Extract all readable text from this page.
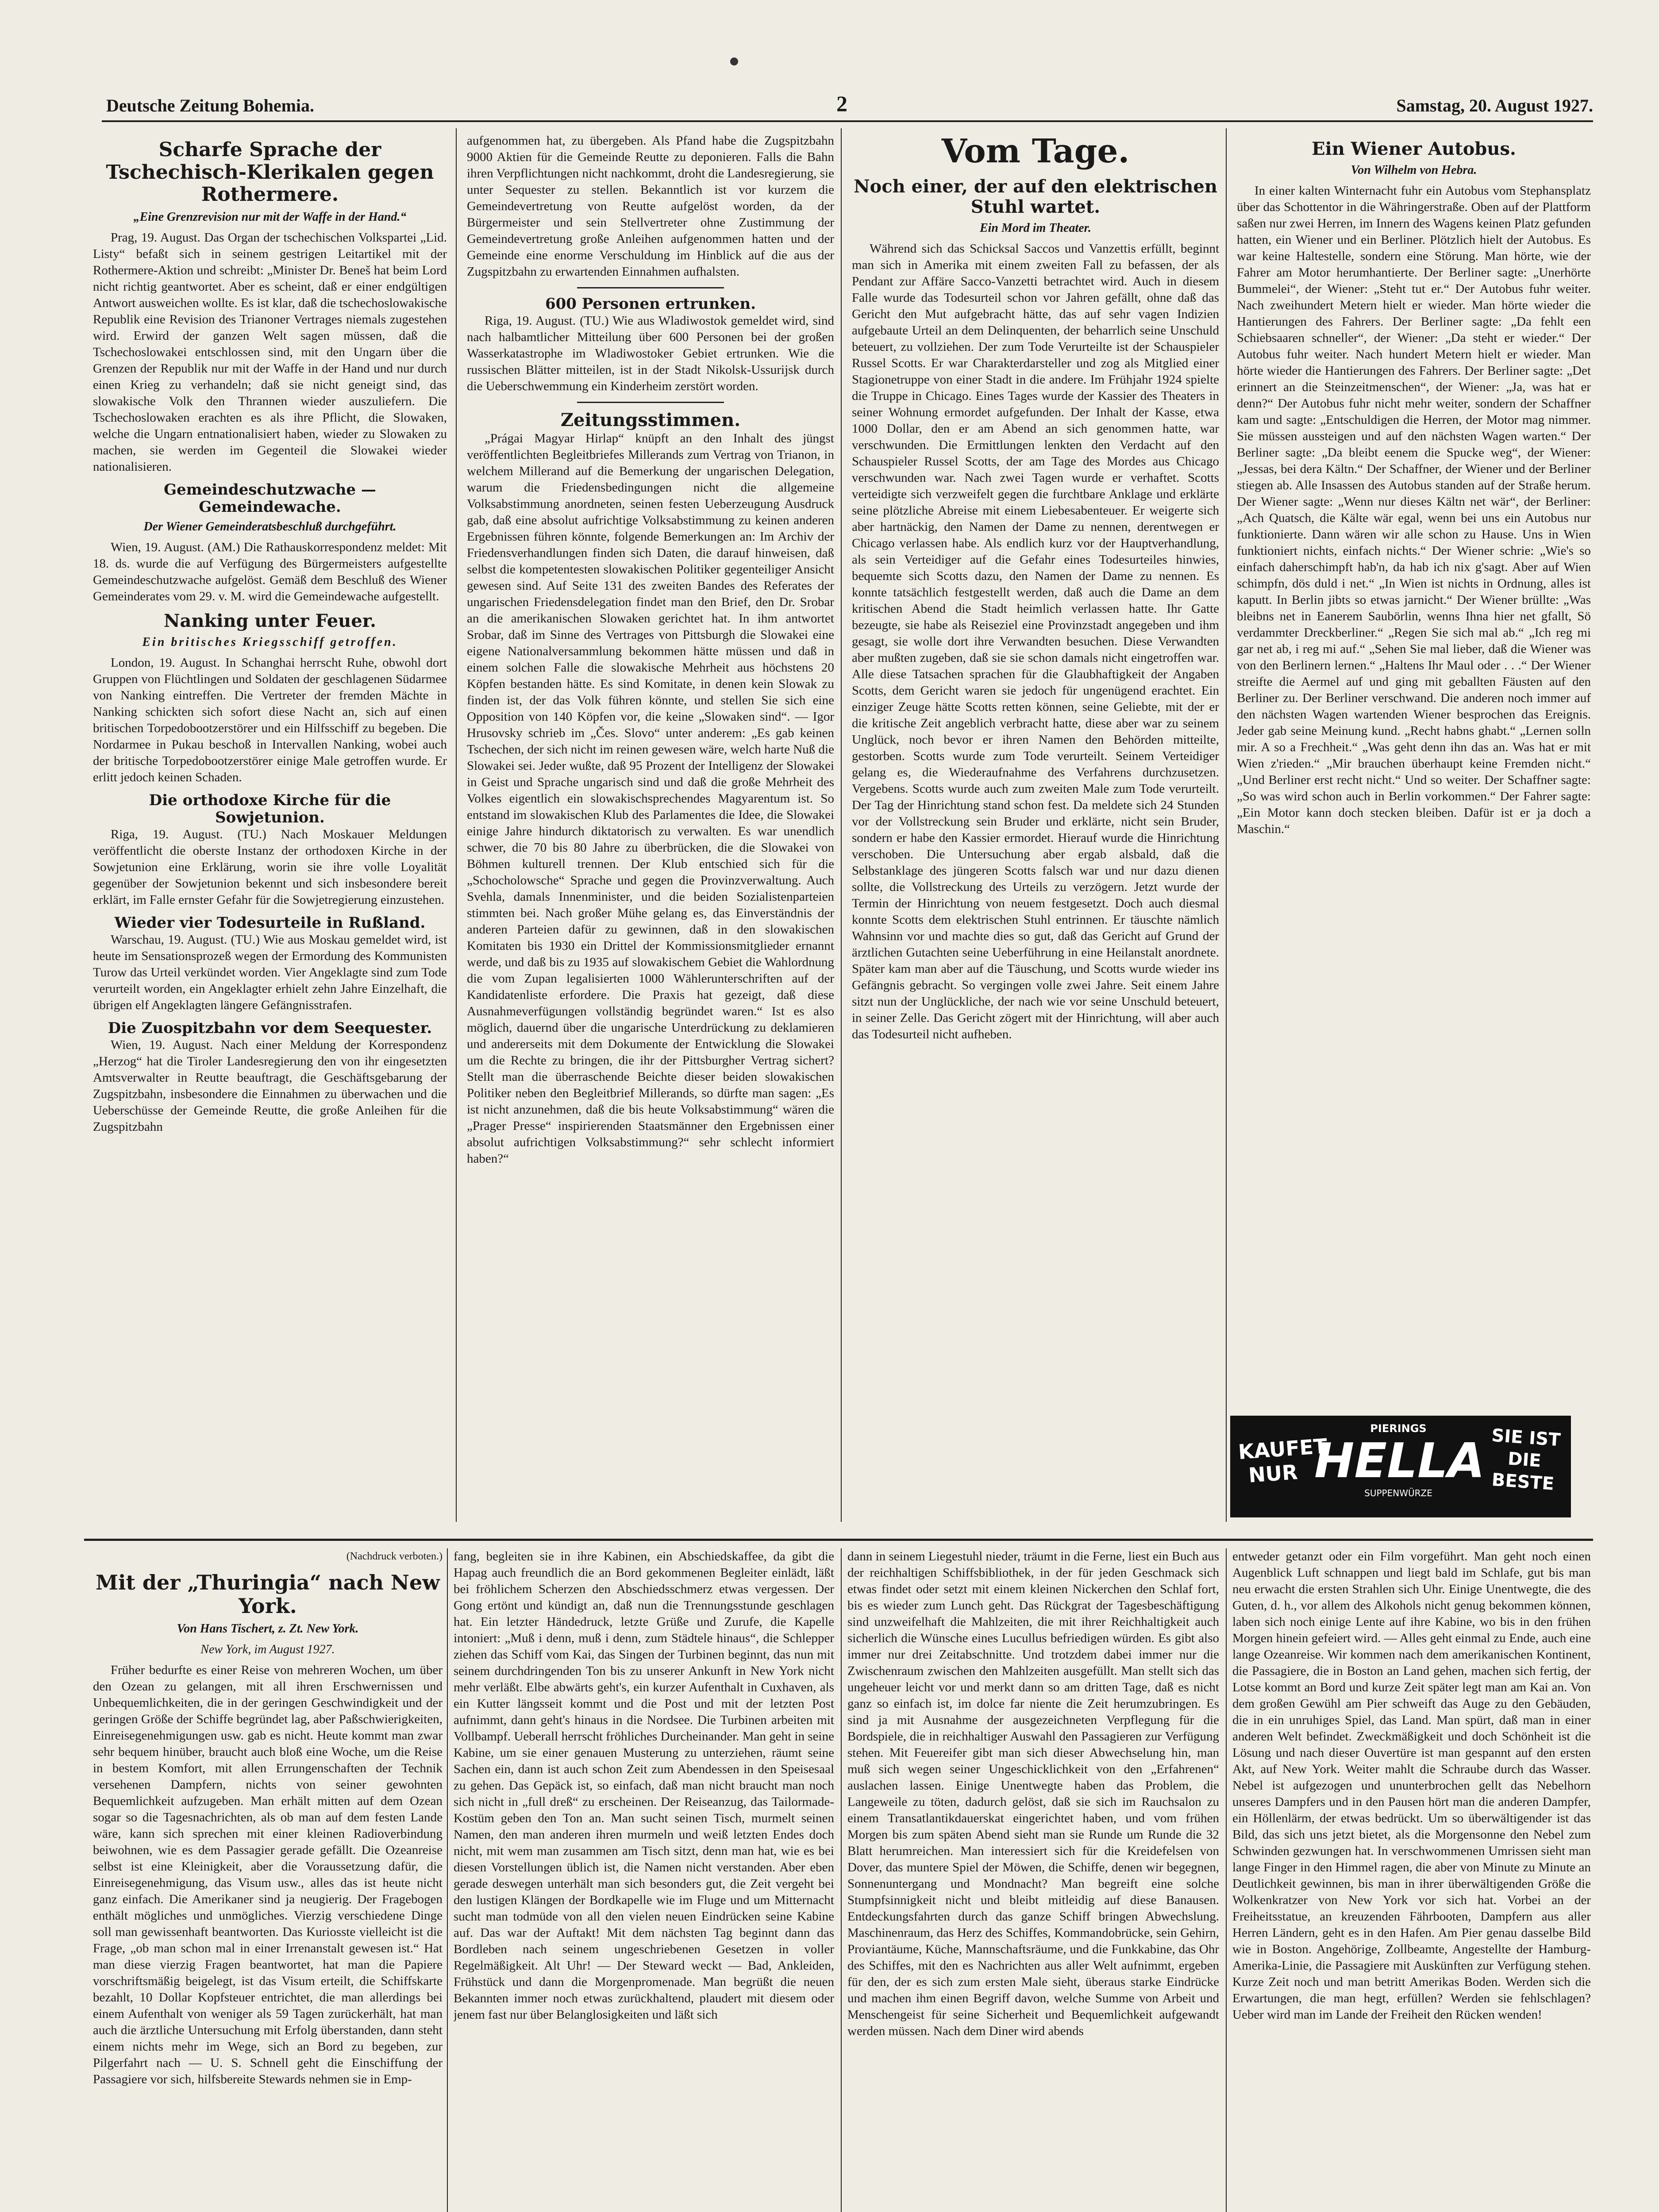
Deutsche Zeitung Bohemia.	2	Samstag, 20. August 1927.
Scharfe Sprache der Tschechisch-Klerikalen gegen Rothermere.
„Eine Grenzrevision nur mit der Waffe in der Hand.“

Prag, 19. August. Das Organ der tschechischen Volkspartei „Lid. Listy“ befaßt sich in seinem gestrigen Leitartikel mit der Rothermere-Aktion und schreibt: „Minister Dr. Beneš hat beim Lord nicht richtig geantwortet. Aber es scheint, daß er einer endgültigen Antwort ausweichen wollte. Es ist klar, daß die tschechoslowakische Republik eine Revision des Trianoner Vertrages niemals zugestehen wird. Erwird der ganzen Welt sagen müssen, daß die Tschechoslowakei entschlossen sind, mit den Ungarn über die Grenzen der Republik nur mit der Waffe in der Hand und nur durch einen Krieg zu verhandeln; daß sie nicht geneigt sind, das slowakische Volk den Thrannen wieder auszuliefern. Die Tschechoslowaken erachten es als ihre Pflicht, die Slowaken, welche die Ungarn entnationalisiert haben, wieder zu Slowaken zu machen, sie werden im Gegenteil die Slowakei wieder nationalisieren.

Gemeindeschutzwache — Gemeindewache.
Der Wiener Gemeinderatsbeschluß durchgeführt.

Wien, 19. August. (AM.) Die Rathauskorrespondenz meldet: Mit 18. ds. wurde die auf Verfügung des Bürgermeisters aufgestellte Gemeindeschutzwache aufgelöst. Gemäß dem Beschluß des Wiener Gemeinderates vom 29. v. M. wird die Gemeindewache aufgestellt.

Nanking unter Feuer.
Ein britisches Kriegsschiff getroffen.

London, 19. August. In Schanghai herrscht Ruhe, obwohl dort Gruppen von Flüchtlingen und Soldaten der geschlagenen Südarmee von Nanking eintreffen. Die Vertreter der fremden Mächte in Nanking schickten sich sofort diese Nacht an, sich auf einen britischen Torpedobootzerstörer und ein Hilfsschiff zu begeben. Die Nordarmee in Pukau beschoß in Intervallen Nanking, wobei auch der britische Torpedobootzerstörer einige Male getroffen wurde. Er erlitt jedoch keinen Schaden.

Die orthodoxe Kirche für die Sowjetunion.

Riga, 19. August. (TU.) Nach Moskauer Meldungen veröffentlicht die oberste Instanz der orthodoxen Kirche in der Sowjetunion eine Erklärung, worin sie ihre volle Loyalität gegenüber der Sowjetunion bekennt und sich insbesondere bereit erklärt, im Falle ernster Gefahr für die Sowjetregierung einzustehen.

Wieder vier Todesurteile in Rußland.

Warschau, 19. August. (TU.) Wie aus Moskau gemeldet wird, ist heute im Sensationsprozeß wegen der Ermordung des Kommunisten Turow das Urteil verkündet worden. Vier Angeklagte sind zum Tode verurteilt worden, ein Angeklagter erhielt zehn Jahre Einzelhaft, die übrigen elf Angeklagten längere Gefängnisstrafen.

Die Zuospitzbahn vor dem Seequester.

Wien, 19. August. Nach einer Meldung der Korrespondenz „Herzog“ hat die Tiroler Landesregierung den von ihr eingesetzten Amtsverwalter in Reutte beauftragt, die Geschäftsgebarung der Zugspitzbahn, insbesondere die Einnahmen zu überwachen und die Ueberschüsse der Gemeinde Reutte, die große Anleihen für die Zugspitzbahn

aufgenommen hat, zu übergeben. Als Pfand habe die Zugspitzbahn 9000 Aktien für die Gemeinde Reutte zu deponieren. Falls die Bahn ihren Verpflichtungen nicht nachkommt, droht die Landesregierung, sie unter Sequester zu stellen. Bekanntlich ist vor kurzem die Gemeindevertretung von Reutte aufgelöst worden, da der Bürgermeister und sein Stellvertreter ohne Zustimmung der Gemeindevertretung große Anleihen aufgenommen hatten und der Gemeinde eine enorme Verschuldung im Hinblick auf die aus der Zugspitzbahn zu erwartenden Einnahmen aufhalsten.

600 Personen ertrunken.

Riga, 19. August. (TU.) Wie aus Wladiwostok gemeldet wird, sind nach halbamtlicher Mitteilung über 600 Personen bei der großen Wasserkatastrophe im Wladiwostoker Gebiet ertrunken. Wie die russischen Blätter mitteilen, ist in der Stadt Nikolsk-Ussurijsk durch die Ueberschwemmung ein Kinderheim zerstört worden.

Zeitungsstimmen.

„Prágai Magyar Hirlap“ knüpft an den Inhalt des jüngst veröffentlichten Begleitbriefes Millerands zum Vertrag von Trianon, in welchem Millerand auf die Bemerkung der ungarischen Delegation, warum die Friedensbedingungen nicht die allgemeine Volksabstimmung anordneten, seinen festen Ueberzeugung Ausdruck gab, daß eine absolut aufrichtige Volksabstimmung zu keinen anderen Ergebnissen führen könnte, folgende Bemerkungen an: Im Archiv der Friedensverhandlungen finden sich Daten, die darauf hinweisen, daß selbst die kompetentesten slowakischen Politiker gegenteiliger Ansicht gewesen sind. Auf Seite 131 des zweiten Bandes des Referates der ungarischen Friedensdelegation findet man den Brief, den Dr. Srobar an die amerikanischen Slowaken gerichtet hat. In ihm antwortet Srobar, daß im Sinne des Vertrages von Pittsburgh die Slowakei eine eigene Nationalversammlung bekommen hätte müssen und daß in einem solchen Falle die slowakische Mehrheit aus höchstens 20 Köpfen bestanden hätte. Es sind Komitate, in denen kein Slowak zu finden ist, der das Volk führen könnte, und stellen Sie sich eine Opposition von 140 Köpfen vor, die keine „Slowaken sind“. — Igor Hrusovsky schrieb im „Čes. Slovo“ unter anderem: „Es gab keinen Tschechen, der sich nicht im reinen gewesen wäre, welch harte Nuß die Slowakei sei. Jeder wußte, daß 95 Prozent der Intelligenz der Slowakei in Geist und Sprache ungarisch sind und daß die große Mehrheit des Volkes eigentlich ein slowakischsprechendes Magyarentum ist. So entstand im slowakischen Klub des Parlamentes die Idee, die Slowakei einige Jahre hindurch diktatorisch zu verwalten. Es war unendlich schwer, die 70 bis 80 Jahre zu überbrücken, die die Slowakei von Böhmen kulturell trennen. Der Klub entschied sich für die „Schocholowsche“ Sprache und gegen die Provinzverwaltung. Auch Svehla, damals Innenminister, und die beiden Sozialistenparteien stimmten bei. Nach großer Mühe gelang es, das Einverständnis der anderen Parteien dafür zu gewinnen, daß in den slowakischen Komitaten bis 1930 ein Drittel der Kommissionsmitglieder ernannt werde, und daß bis zu 1935 auf slowakischem Gebiet die Wahlordnung die vom Zupan legalisierten 1000 Wählerunterschriften auf der Kandidatenliste erfordere. Die Praxis hat gezeigt, daß diese Ausnahmeverfügungen vollständig begründet waren.“ Ist es also möglich, dauernd über die ungarische Unterdrückung zu deklamieren und andererseits mit dem Dokumente der Entwicklung die Slowakei um die Rechte zu bringen, die ihr der Pittsburgher Vertrag sichert? Stellt man die überraschende Beichte dieser beiden slowakischen Politiker neben den Begleitbrief Millerands, so dürfte man sagen: „Es ist nicht anzunehmen, daß die bis heute Volksabstimmung“ wären die „Prager Presse“ inspirierenden Staatsmänner den Ergebnissen einer absolut aufrichtigen Volksabstimmung?“ sehr schlecht informiert haben?“

Vom Tage.
Noch einer, der auf den elektrischen Stuhl wartet.
Ein Mord im Theater.

Während sich das Schicksal Saccos und Vanzettis erfüllt, beginnt man sich in Amerika mit einem zweiten Fall zu befassen, der als Pendant zur Affäre Sacco-Vanzetti betrachtet wird. Auch in diesem Falle wurde das Todesurteil schon vor Jahren gefällt, ohne daß das Gericht den Mut aufgebracht hätte, das auf sehr vagen Indizien aufgebaute Urteil an dem Delinquenten, der beharrlich seine Unschuld beteuert, zu vollziehen. Der zum Tode Verurteilte ist der Schauspieler Russel Scotts. Er war Charakterdarsteller und zog als Mitglied einer Stagionetruppe von einer Stadt in die andere. Im Frühjahr 1924 spielte die Truppe in Chicago. Eines Tages wurde der Kassier des Theaters in seiner Wohnung ermordet aufgefunden. Der Inhalt der Kasse, etwa 1000 Dollar, den er am Abend an sich genommen hatte, war verschwunden. Die Ermittlungen lenkten den Verdacht auf den Schauspieler Russel Scotts, der am Tage des Mordes aus Chicago verschwunden war. Nach zwei Tagen wurde er verhaftet. Scotts verteidigte sich verzweifelt gegen die furchtbare Anklage und erklärte seine plötzliche Abreise mit einem Liebesabenteuer. Er weigerte sich aber hartnäckig, den Namen der Dame zu nennen, derentwegen er Chicago verlassen habe. Als endlich kurz vor der Hauptverhandlung, als sein Verteidiger auf die Gefahr eines Todesurteiles hinwies, bequemte sich Scotts dazu, den Namen der Dame zu nennen. Es konnte tatsächlich festgestellt werden, daß auch die Dame an dem kritischen Abend die Stadt heimlich verlassen hatte. Ihr Gatte bezeugte, sie habe als Reiseziel eine Provinzstadt angegeben und ihm gesagt, sie wolle dort ihre Verwandten besuchen. Diese Verwandten aber mußten zugeben, daß sie sie schon damals nicht eingetroffen war. Alle diese Tatsachen sprachen für die Glaubhaftigkeit der Angaben Scotts, dem Gericht waren sie jedoch für ungenügend erachtet. Ein einziger Zeuge hätte Scotts retten können, seine Geliebte, mit der er die kritische Zeit angeblich verbracht hatte, diese aber war zu seinem Unglück, noch bevor er ihren Namen den Behörden mitteilte, gestorben. Scotts wurde zum Tode verurteilt. Seinem Verteidiger gelang es, die Wiederaufnahme des Verfahrens durchzusetzen. Vergebens. Scotts wurde auch zum zweiten Male zum Tode verurteilt. Der Tag der Hinrichtung stand schon fest. Da meldete sich 24 Stunden vor der Vollstreckung sein Bruder und erklärte, nicht sein Bruder, sondern er habe den Kassier ermordet. Hierauf wurde die Hinrichtung verschoben. Die Untersuchung aber ergab alsbald, daß die Selbstanklage des jüngeren Scotts falsch war und nur dazu dienen sollte, die Vollstreckung des Urteils zu verzögern. Jetzt wurde der Termin der Hinrichtung von neuem festgesetzt. Doch auch diesmal konnte Scotts dem elektrischen Stuhl entrinnen. Er täuschte nämlich Wahnsinn vor und machte dies so gut, daß das Gericht auf Grund der ärztlichen Gutachten seine Ueberführung in eine Heilanstalt anordnete. Später kam man aber auf die Täuschung, und Scotts wurde wieder ins Gefängnis gebracht. So vergingen volle zwei Jahre. Seit einem Jahre sitzt nun der Unglückliche, der nach wie vor seine Unschuld beteuert, in seiner Zelle. Das Gericht zögert mit der Hinrichtung, will aber auch das Todesurteil nicht aufheben.

Ein Wiener Autobus.
Von Wilhelm von Hebra.

In einer kalten Winternacht fuhr ein Autobus vom Stephansplatz über das Schottentor in die Währingerstraße. Oben auf der Plattform saßen nur zwei Herren, im Innern des Wagens keinen Platz gefunden hatten, ein Wiener und ein Berliner. Plötzlich hielt der Autobus. Es war keine Haltestelle, sondern eine Störung. Man hörte, wie der Fahrer am Motor herumhantierte. Der Berliner sagte: „Unerhörte Bummelei“, der Wiener: „Steht tut er.“ Der Autobus fuhr weiter. Nach zweihundert Metern hielt er wieder. Man hörte wieder die Hantierungen des Fahrers. Der Berliner sagte: „Da fehlt een Schiebsaaren schneller“, der Wiener: „Da steht er wieder.“ Der Autobus fuhr weiter. Nach hundert Metern hielt er wieder. Man hörte wieder die Hantierungen des Fahrers. Der Berliner sagte: „Det erinnert an die Steinzeitmenschen“, der Wiener: „Ja, was hat er denn?“ Der Autobus fuhr nicht mehr weiter, sondern der Schaffner kam und sagte: „Entschuldigen die Herren, der Motor mag nimmer. Sie müssen aussteigen und auf den nächsten Wagen warten.“ Der Berliner sagte: „Da bleibt eenem die Spucke weg“, der Wiener: „Jessas, bei dera Kältn.“ Der Schaffner, der Wiener und der Berliner stiegen ab. Alle Insassen des Autobus standen auf der Straße herum. Der Wiener sagte: „Wenn nur dieses Kältn net wär“, der Berliner: „Ach Quatsch, die Kälte wär egal, wenn bei uns ein Autobus nur funktionierte. Dann wären wir alle schon zu Hause. Uns in Wien funktioniert nichts, einfach nichts.“ Der Wiener schrie: „Wie's so einfach daherschimpft hab'n, da hab ich nix g'sagt. Aber auf Wien schimpfn, dös duld i net.“ „In Wien ist nichts in Ordnung, alles ist kaputt. In Berlin jibts so etwas jarnicht.“ Der Wiener brüllte: „Was bleibns net in Eanerem Saubörlin, wenns Ihna hier net gfallt, Sö verdammter Dreckberliner.“ „Regen Sie sich mal ab.“ „Ich reg mi gar net ab, i reg mi auf.“ „Sehen Sie mal lieber, daß die Wiener was von den Berlinern lernen.“ „Haltens Ihr Maul oder . . .“ Der Wiener streifte die Aermel auf und ging mit geballten Fäusten auf den Berliner zu. Der Berliner verschwand. Die anderen noch immer auf den nächsten Wagen wartenden Wiener besprochen das Ereignis. Jeder gab seine Meinung kund. „Recht habns ghabt.“ „Lernen solln mir. A so a Frechheit.“ „Was geht denn ihn das an. Was hat er mit Wien z'rieden.“ „Mir brauchen überhaupt keine Fremden nicht.“ „Und Berliner erst recht nicht.“ Und so weiter. Der Schaffner sagte: „So was wird schon auch in Berlin vorkommen.“ Der Fahrer sagte: „Ein Motor kann doch stecken bleiben. Dafür ist er ja doch a Maschin.“

KAUFET NUR
PIERINGS
HELLA
SUPPENWÜRZE
SIE IST DIE BESTE
(Nachdruck verboten.)
Mit der „Thuringia“ nach New York.
Von Hans Tischert, z. Zt. New York.
New York, im August 1927.

Früher bedurfte es einer Reise von mehreren Wochen, um über den Ozean zu gelangen, mit all ihren Erschwernissen und Unbequemlichkeiten, die in der geringen Geschwindigkeit und der geringen Größe der Schiffe begründet lag, aber Paßschwierigkeiten, Einreisegenehmigungen usw. gab es nicht. Heute kommt man zwar sehr bequem hinüber, braucht auch bloß eine Woche, um die Reise in bestem Komfort, mit allen Errungenschaften der Technik versehenen Dampfern, nichts von seiner gewohnten Bequemlichkeit aufzugeben. Man erhält mitten auf dem Ozean sogar so die Tagesnachrichten, als ob man auf dem festen Lande wäre, kann sich sprechen mit einer kleinen Radioverbindung beiwohnen, wie es dem Passagier gerade gefällt. Die Ozeanreise selbst ist eine Kleinigkeit, aber die Voraussetzung dafür, die Einreisegenehmigung, das Visum usw., alles das ist heute nicht ganz einfach. Die Amerikaner sind ja neugierig. Der Fragebogen enthält mögliches und unmögliches. Vierzig verschiedene Dinge soll man gewissenhaft beantworten. Das Kuriosste vielleicht ist die Frage, „ob man schon mal in einer Irrenanstalt gewesen ist.“ Hat man diese vierzig Fragen beantwortet, hat man die Papiere vorschriftsmäßig beigelegt, ist das Visum erteilt, die Schiffskarte bezahlt, 10 Dollar Kopfsteuer entrichtet, die man allerdings bei einem Aufenthalt von weniger als 59 Tagen zurückerhält, hat man auch die ärztliche Untersuchung mit Erfolg überstanden, dann steht einem nichts mehr im Wege, sich an Bord zu begeben, zur Pilgerfahrt nach — U. S. Schnell geht die Einschiffung der Passagiere vor sich, hilfsbereite Stewards nehmen sie in Emp-

fang, begleiten sie in ihre Kabinen, ein Abschiedskaffee, da gibt die Hapag auch freundlich die an Bord gekommenen Begleiter einlädt, läßt bei fröhlichem Scherzen den Abschiedsschmerz etwas vergessen. Der Gong ertönt und kündigt an, daß nun die Trennungsstunde geschlagen hat. Ein letzter Händedruck, letzte Grüße und Zurufe, die Kapelle intoniert: „Muß i denn, muß i denn, zum Städtele hinaus“, die Schlepper ziehen das Schiff vom Kai, das Singen der Turbinen beginnt, das nun mit seinem durchdringenden Ton bis zu unserer Ankunft in New York nicht mehr verläßt. Elbe abwärts geht's, ein kurzer Aufenthalt in Cuxhaven, als ein Kutter längsseit kommt und die Post und mit der letzten Post aufnimmt, dann geht's hinaus in die Nordsee. Die Turbinen arbeiten mit Vollbampf. Ueberall herrscht fröhliches Durcheinander. Man geht in seine Kabine, um sie einer genauen Musterung zu unterziehen, räumt seine Sachen ein, dann ist auch schon Zeit zum Abendessen in den Speisesaal zu gehen. Das Gepäck ist, so einfach, daß man nicht braucht man noch sich nicht in „full dreß“ zu erscheinen. Der Reiseanzug, das Tailormade-Kostüm geben den Ton an. Man sucht seinen Tisch, murmelt seinen Namen, den man anderen ihren murmeln und weiß letzten Endes doch nicht, mit wem man zusammen am Tisch sitzt, denn man hat, wie es bei diesen Vorstellungen üblich ist, die Namen nicht verstanden. Aber eben gerade deswegen unterhält man sich besonders gut, die Zeit vergeht bei den lustigen Klängen der Bordkapelle wie im Fluge und um Mitternacht sucht man todmüde von all den vielen neuen Eindrücken seine Kabine auf. Das war der Auftakt! Mit dem nächsten Tag beginnt dann das Bordleben nach seinem ungeschriebenen Gesetzen in voller Regelmäßigkeit. Alt Uhr! — Der Steward weckt — Bad, Ankleiden, Frühstück und dann die Morgenpromenade. Man begrüßt die neuen Bekannten immer noch etwas zurückhaltend, plaudert mit diesem oder jenem fast nur über Belanglosigkeiten und läßt sich

dann in seinem Liegestuhl nieder, träumt in die Ferne, liest ein Buch aus der reichhaltigen Schiffsbibliothek, in der für jeden Geschmack sich etwas findet oder setzt mit einem kleinen Nickerchen den Schlaf fort, bis es wieder zum Lunch geht. Das Rückgrat der Tagesbeschäftigung sind unzweifelhaft die Mahlzeiten, die mit ihrer Reichhaltigkeit auch sicherlich die Wünsche eines Lucullus befriedigen würden. Es gibt also immer nur drei Zeitabschnitte. Und trotzdem dabei immer nur die Zwischenraum zwischen den Mahlzeiten ausgefüllt. Man stellt sich das ungeheuer leicht vor und merkt dann so am dritten Tage, daß es nicht ganz so einfach ist, im dolce far niente die Zeit herumzubringen. Es sind ja mit Ausnahme der ausgezeichneten Verpflegung für die Bordspiele, die in reichhaltiger Auswahl den Passagieren zur Verfügung stehen. Mit Feuereifer gibt man sich dieser Abwechselung hin, man muß sich wegen seiner Ungeschicklichkeit von den „Erfahrenen“ auslachen lassen. Einige Unentwegte haben das Problem, die Langeweile zu töten, dadurch gelöst, daß sie sich im Rauchsalon zu einem Transatlantikdauerskat eingerichtet haben, und vom frühen Morgen bis zum späten Abend sieht man sie Runde um Runde die 32 Blatt herumreichen. Man interessiert sich für die Kreidefelsen von Dover, das muntere Spiel der Möwen, die Schiffe, denen wir begegnen, Sonnenuntergang und Mondnacht? Man begreift eine solche Stumpfsinnigkeit nicht und bleibt mitleidig auf diese Banausen. Entdeckungsfahrten durch das ganze Schiff bringen Abwechslung. Maschinenraum, das Herz des Schiffes, Kommandobrücke, sein Gehirn, Proviantäume, Küche, Mannschaftsräume, und die Funkkabine, das Ohr des Schiffes, mit den es Nachrichten aus aller Welt aufnimmt, ergeben für den, der es sich zum ersten Male sieht, überaus starke Eindrücke und machen ihm einen Begriff davon, welche Summe von Arbeit und Menschengeist für seine Sicherheit und Bequemlichkeit aufgewandt werden müssen. Nach dem Diner wird abends

entweder getanzt oder ein Film vorgeführt. Man geht noch einen Augenblick Luft schnappen und liegt bald im Schlafe, gut bis man neu erwacht die ersten Strahlen sich Uhr. Einige Unentwegte, die des Guten, d. h., vor allem des Alkohols nicht genug bekommen können, laben sich noch einige Lente auf ihre Kabine, wo bis in den frühen Morgen hinein gefeiert wird. — Alles geht einmal zu Ende, auch eine lange Ozeanreise. Wir kommen nach dem amerikanischen Kontinent, die Passagiere, die in Boston an Land gehen, machen sich fertig, der Lotse kommt an Bord und kurze Zeit später legt man am Kai an. Von dem großen Gewühl am Pier schweift das Auge zu den Gebäuden, die in ein unruhiges Spiel, das Land. Man spürt, daß man in einer anderen Welt befindet. Zweckmäßigkeit und doch Schönheit ist die Lösung und nach dieser Ouvertüre ist man gespannt auf den ersten Akt, auf New York. Weiter mahlt die Schraube durch das Wasser. Nebel ist aufgezogen und ununterbrochen gellt das Nebelhorn unseres Dampfers und in den Pausen hört man die anderen Dampfer, ein Höllenlärm, der etwas bedrückt. Um so überwältigender ist das Bild, das sich uns jetzt bietet, als die Morgensonne den Nebel zum Schwinden gezwungen hat. In verschwommenen Umrissen sieht man lange Finger in den Himmel ragen, die aber von Minute zu Minute an Deutlichkeit gewinnen, bis man in ihrer überwältigenden Größe die Wolkenkratzer von New York vor sich hat. Vorbei an der Freiheitsstatue, an kreuzenden Fährbooten, Dampfern aus aller Herren Ländern, geht es in den Hafen. Am Pier genau dasselbe Bild wie in Boston. Angehörige, Zollbeamte, Angestellte der Hamburg-Amerika-Linie, die Passagiere mit Auskünften zur Verfügung stehen. Kurze Zeit noch und man betritt Amerikas Boden. Werden sich die Erwartungen, die man hegt, erfüllen? Werden sie fehlschlagen? Ueber wird man im Lande der Freiheit den Rücken wenden!
